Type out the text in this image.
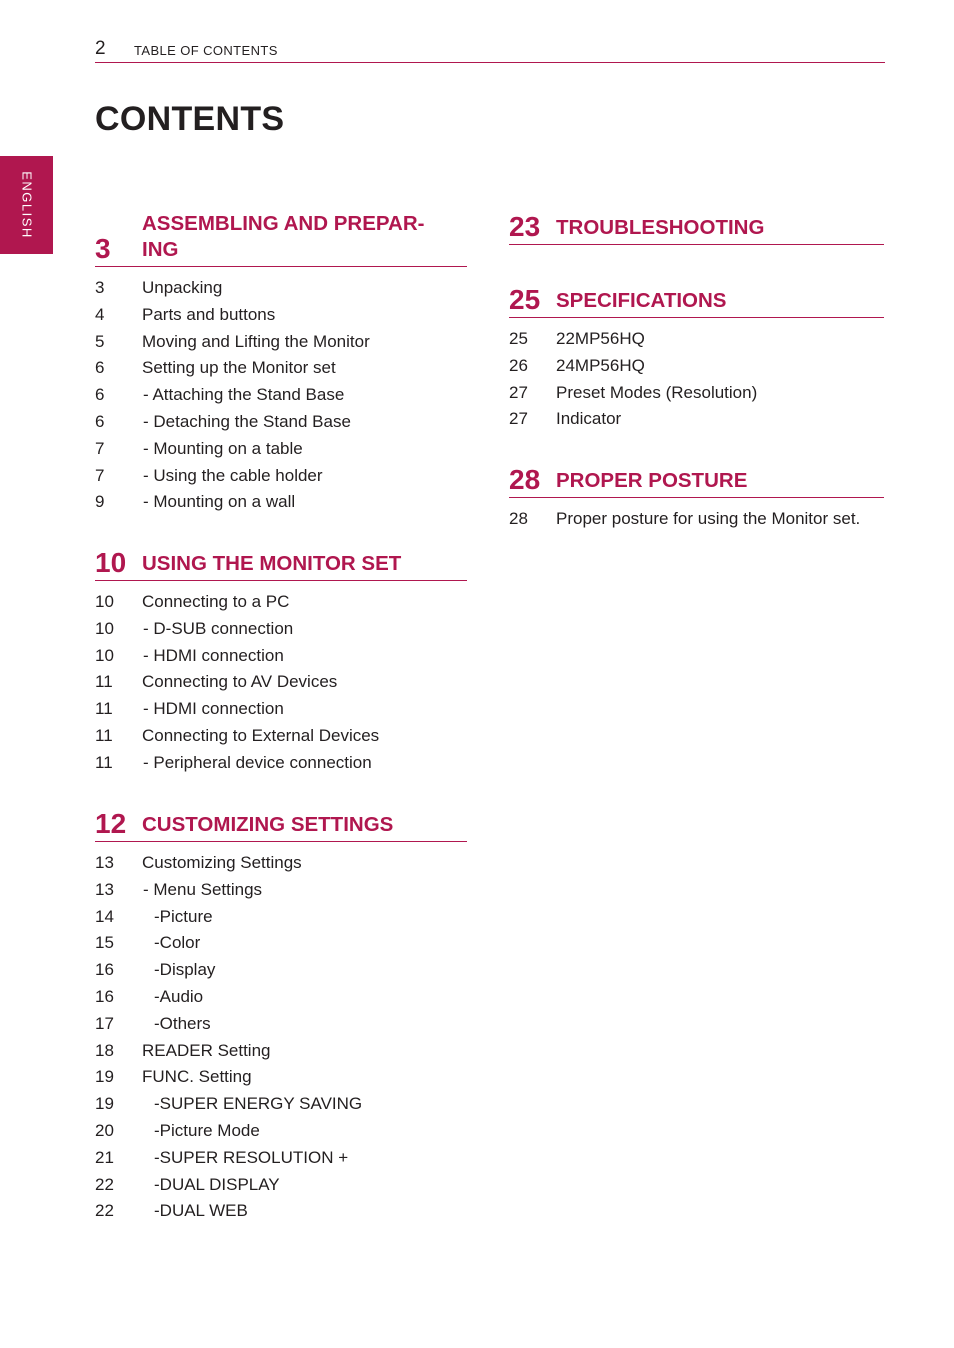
2 TABLE OF CONTENTS
CONTENTS
ENGLISH
3
ASSEMBLING AND PREPAR-ING
3 Unpacking
4 Parts and buttons
5 Moving and Lifting the Monitor
6 Setting up the Monitor set
6 - Attaching the Stand Base
6 - Detaching the Stand Base
7 - Mounting on a table
7 - Using the cable holder
9 - Mounting on a wall
10 USING THE MONITOR SET
10 Connecting to a PC
10 - D-SUB connection
10 - HDMI connection
11 Connecting to AV Devices
11 - HDMI connection
11 Connecting to External Devices
11 - Peripheral device connection
12 CUSTOMIZING SETTINGS
13 Customizing Settings
13 - Menu Settings
14 -Picture
15 -Color
16 -Display
16 -Audio
17 -Others
18 READER Setting
19 FUNC. Setting
19 -SUPER ENERGY SAVING
20 -Picture Mode
21 -SUPER RESOLUTION +
22 -DUAL DISPLAY
22 -DUAL WEB
23 TROUBLESHOOTING
25 SPECIFICATIONS
25 22MP56HQ
26 24MP56HQ
27 Preset Modes (Resolution)
27 Indicator
28 PROPER POSTURE
28 Proper posture for using the Monitor set.
